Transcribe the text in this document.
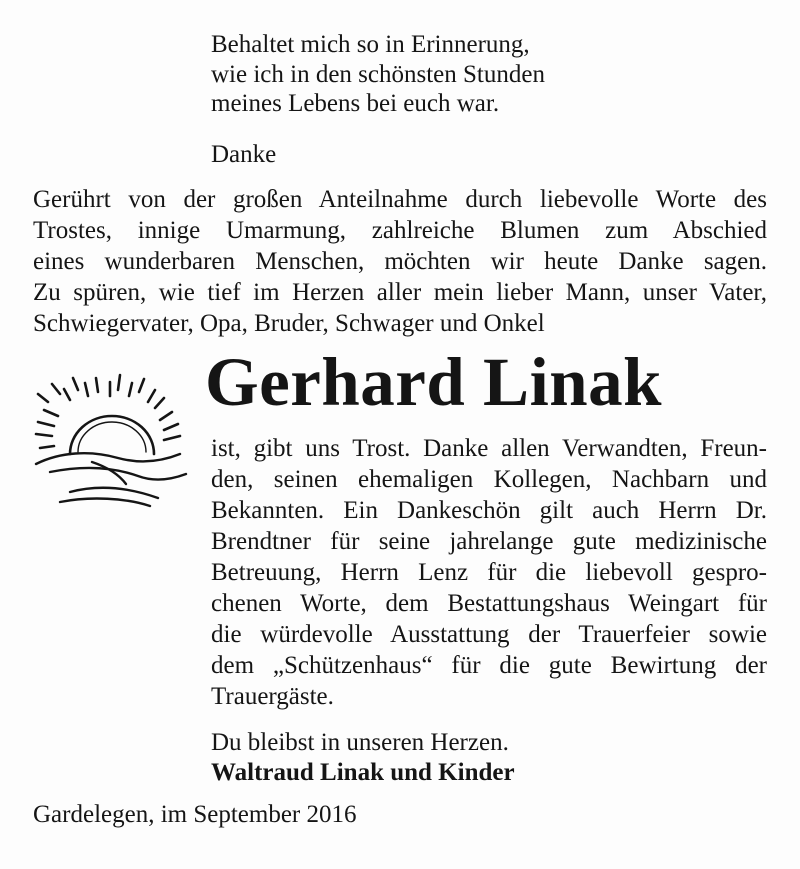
Behaltet mich so in Erinnerung,
wie ich in den schönsten Stunden
meines Lebens bei euch war.
Danke
Gerührt von der großen Anteilnahme durch liebevolle Worte des
Trostes, innige Umarmung, zahlreiche Blumen zum Abschied
eines wunderbaren Menschen, möchten wir heute Danke sagen.
Zu spüren, wie tief im Herzen aller mein lieber Mann, unser Vater,
Schwiegervater, Opa, Bruder, Schwager und Onkel
Gerhard Linak
ist, gibt uns Trost. Danke allen Verwandten, Freun-
den, seinen ehemaligen Kollegen, Nachbarn und
Bekannten. Ein Dankeschön gilt auch Herrn Dr.
Brendtner für seine jahrelange gute medizinische
Betreuung, Herrn Lenz für die liebevoll gespro-
chenen Worte, dem Bestattungshaus Weingart für
die würdevolle Ausstattung der Trauerfeier sowie
dem „Schützenhaus“ für die gute Bewirtung der
Trauergäste.
Du bleibst in unseren Herzen.
Waltraud Linak und Kinder
Gardelegen, im September 2016
